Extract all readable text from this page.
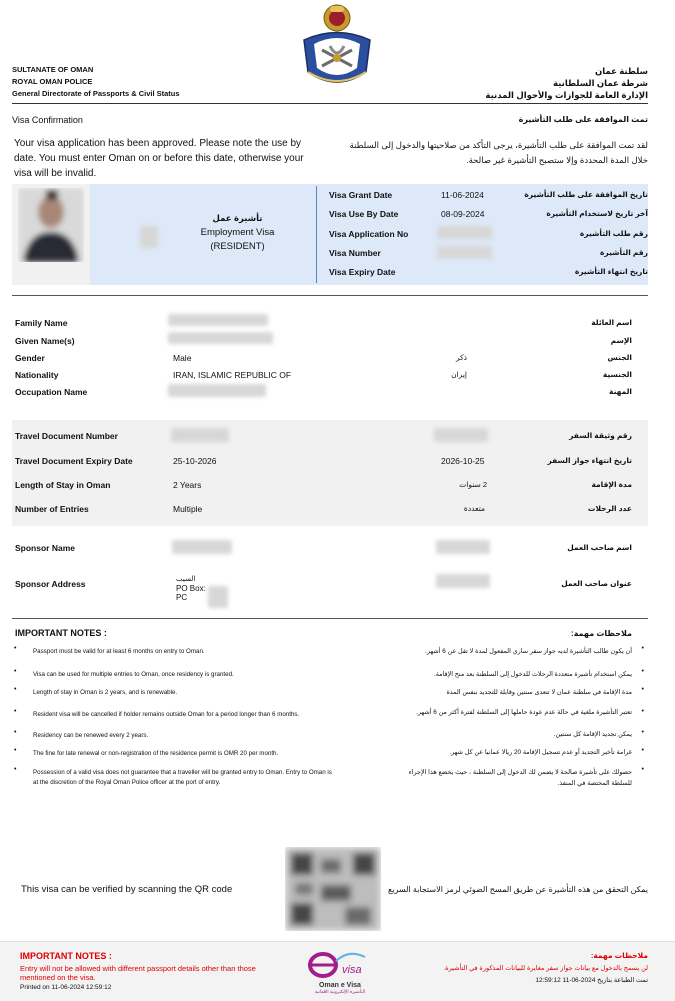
SULTANATE OF OMAN
ROYAL OMAN POLICE
General Directorate of Passports & Civil Status
سلطنة عمان
شرطة عمان السلطانية
الإدارة العامة للجوازات والأحوال المدنية
Visa Confirmation	تمت الموافقة على طلب التأشيرة
Your visa application has been approved. Please note the use by date. You must enter Oman on or before this date, otherwise your visa will be invalid.
لقد تمت الموافقة على طلب التأشيرة، يرجى التأكد من صلاحيتها والدخول إلى السلطنة خلال المدة المحددة وإلا ستصبح التأشيرة غير صالحة.
تأشيرة عمل
Employment Visa
(RESIDENT)
Visa Grant Date	11-06-2024	تاريخ الموافقة على طلب التأشيرة
Visa Use By Date	08-09-2024	آخر تاريخ لاستخدام التأشيرة
Visa Application No	رقم طلب التأشيرة
Visa Number	رقم التأشيرة
Visa Expiry Date	تاريخ انتهاء التأشيرة
Family Name	اسم العائلة
Given Name(s)	الإسم
Gender	Male	ذكر	الجنس
Nationality	IRAN, ISLAMIC REPUBLIC OF	إيران	الجنسية
Occupation Name	المهنة
Travel Document Number	رقم وثيقة السفر
Travel Document Expiry Date	25-10-2026	2026-10-25	تاريخ انتهاء جواز السفر
Length of Stay in Oman	2 Years	2 سنوات	مدة الإقامة
Number of Entries	Multiple	متعددة	عدد الرحلات
Sponsor Name	اسم صاحب العمل
Sponsor Address	السيب
PO Box:
PC
عنوان صاحب العمل
IMPORTANT NOTES :	ملاحظات مهمة:
•	Passport must be valid for at least 6 months on entry to Oman.	•
أن يكون طالب التأشيرة لديه جواز سفر ساري المفعول لمدة لا تقل عن 6 أشهر.
•	Visa can be used for multiple entries to Oman, once residency is granted.	•
يمكن استخدام تأشيرة متعددة الرحلات للدخول إلى السلطنة بعد منح الإقامة.
•	Length of stay in Oman is 2 years, and is renewable.	•
مدة الإقامة في سلطنة عمان لا تتعدى سنتين وقابلة للتجديد بنفس المدة
•	Resident visa will be cancelled if holder remains outside Oman for a period longer than 6 months.	•
تعتبر التأشيرة ملغية في حالة عدم عودة حاملها إلى السلطنة لفترة أكثر من 6 أشهر.
•	Residency can be renewed every 2 years.	•
يمكن تجديد الإقامة كل سنتين.
•	The fine for late renewal or non-registration of the residence permit is OMR 20 per month.	•
غرامة تأخير التجديد أو عدم تسجيل الإقامة 20 ريالا عمانيا عن كل شهر.
•	Possession of a valid visa does not guarantee that a traveller will be granted entry to Oman. Entry to Oman is at the discretion of the Royal Oman Police officer at the port of entry.
•
حصولك على تأشيرة صالحة لا يضمن لك الدخول إلى السلطنة ، حيث يخضع هذا الإجراء للسلطة المختصة في المنفذ.
This visa can be verified by scanning the QR code	يمكن التحقق من هذه التأشيرة عن طريق المسح الضوئي لرمز الاستجابة السريع
IMPORTANT NOTES :
Entry will not be allowed with different passport details other than those mentioned on the visa.
Printed on 11-06-2024 12:59:12
visa
Oman e Visa
التأشيرة الإلكترونية العُمانية
ملاحظات مهمة:
لن يسمح بالدخول مع بيانات جواز سفر مغايرة للبيانات المذكورة في التأشيرة.
تمت الطباعة بتاريخ 2024-06-11 12:59:12
